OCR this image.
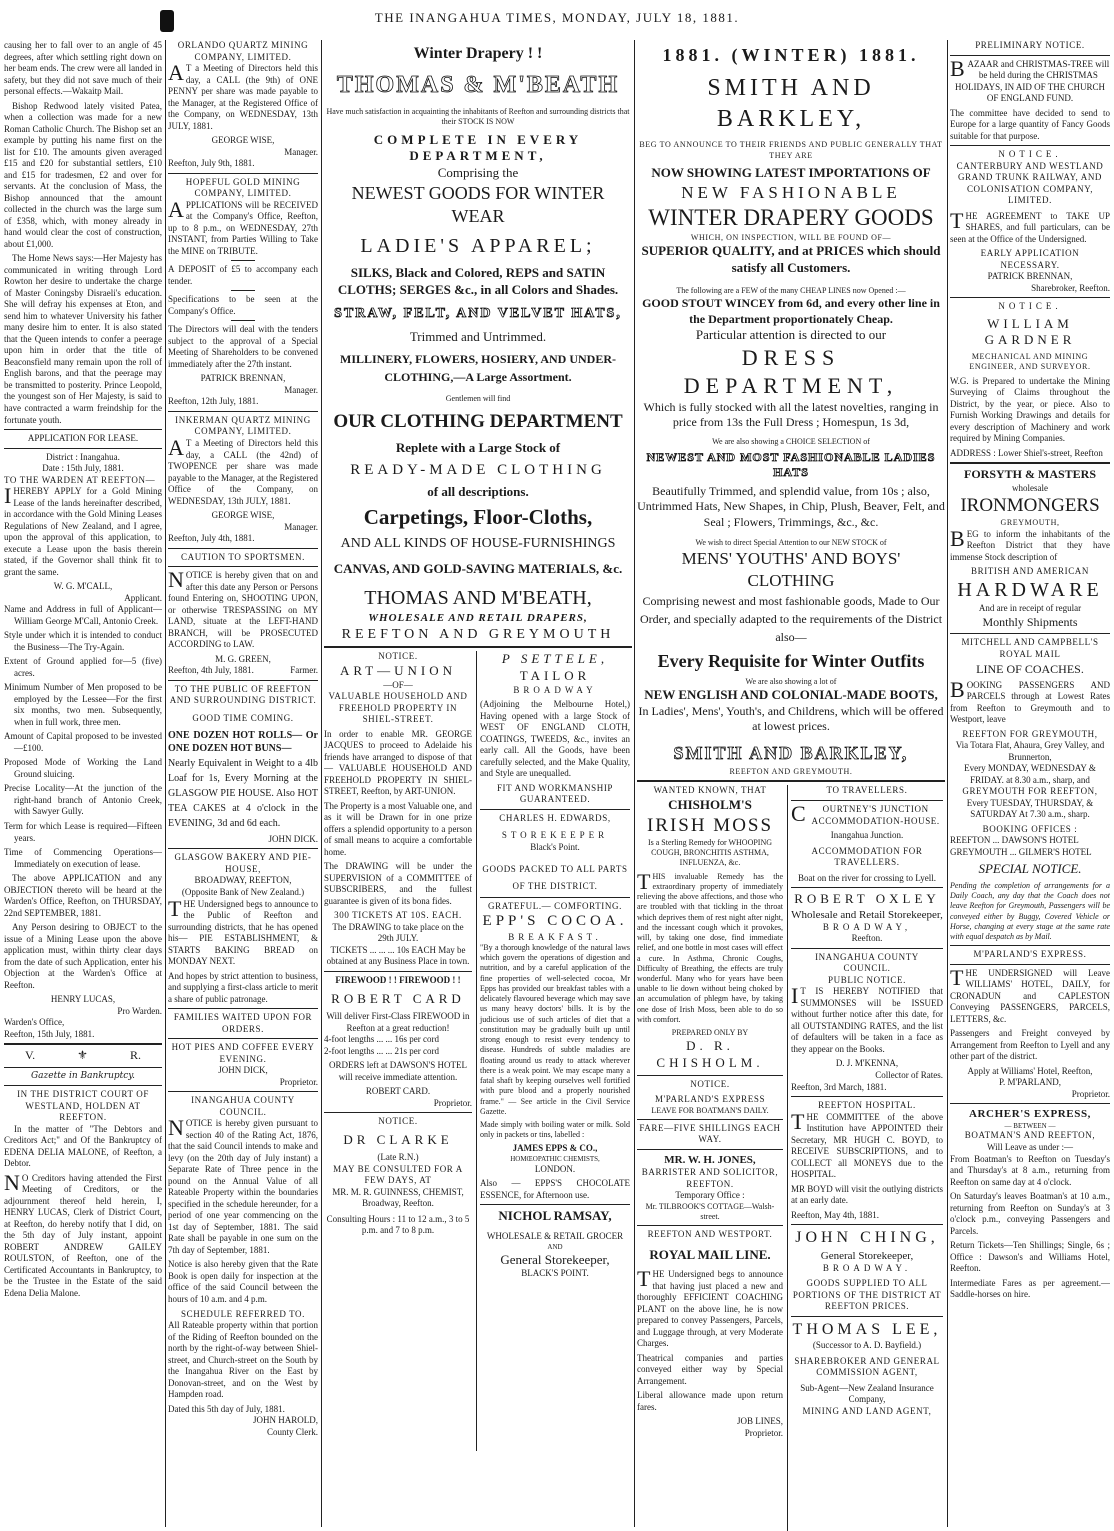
THE INANGAHUA TIMES, MONDAY, JULY 18, 1881.

causing her to fall over to an angle of 45 degrees, after which settling right down on her beam ends. The crew were all landed in safety, but they did not save much of their personal effects.—Wakaitp Mail.

Bishop Redwood lately visited Patea, when a collection was made for a new Roman Catholic Church. The Bishop set an example by putting his name first on the list for £10. The amounts given averaged £15 and £20 for substantial settlers, £10 and £15 for tradesmen, £2 and over for servants. At the conclusion of Mass, the Bishop announced that the amount collected in the church was the large sum of £358, which, with money already in hand would clear the cost of construction, about £1,000.

The Home News says:—Her Majesty has communicated in writing through Lord Rowton her desire to undertake the charge of Master Coningsby Disraeli's education. She will defray his expenses at Eton, and send him to whatever University his father many desire him to enter. It is also stated that the Queen intends to confer a peerage upon him in order that the title of Beaconsfield many remain upon the roll of English barons, and that the peerage may be transmitted to posterity. Prince Leopold, the youngest son of Her Majesty, is said to have contracted a warm freindship for the fortunate youth.

APPLICATION FOR LEASE.
District : Inangahua.
Date : 15th July, 1881.
TO THE WARDEN AT REEFTON—

IHEREBY APPLY for a Gold Mining Lease of the lands hereinafter described, in accordance with the Gold Mining Leases Regulations of New Zealand, and I agree, upon the approval of this application, to execute a Lease upon the basis therein stated, if the Governor shall think fit to grant the same.

W. G. M'CALL,
Applicant.

Name and Address in full of Applicant—William George M'Call, Antonio Creek.

Style under which it is intended to conduct the Business—The Try-Again.

Extent of Ground applied for—5 (five) acres.

Minimum Number of Men proposed to be employed by the Lessee—For the first six months, two men. Subsequently, when in full work, three men.

Amount of Capital proposed to be invested—£100.

Proposed Mode of Working the Land Ground sluicing.

Precise Locality—At the junction of the right-hand branch of Antonio Creek, with Sawyer Gully.

Term for which Lease is required—Fifteen years.

Time of Commencing Operations—Immediately on execution of lease.

The above APPLICATION and any OBJECTION thereto will be heard at the Warden's Office, Reefton, on THURSDAY, 22nd SEPTEMBER, 1881.

Any Person desiring to OBJECT to the issue of a Mining Lease upon the above application must, within thirty clear days from the date of such Application, enter his Objection at the Warden's Office at Reefton.

HENRY LUCAS,
Pro Warden.
Warden's Office,
Reefton, 15th July, 1881.
V.	⚜	R.
Gazette in Bankruptcy.
IN THE DISTRICT COURT OF WESTLAND, HOLDEN AT REEFTON.

In the matter of "The Debtors and Creditors Act;" and Of the Bankruptcy of EDENA DELIA MALONE, of Reefton, a Debtor.

NO Creditors having attended the First Meeting of Creditors, or the adjournment thereof held herein, I, HENRY LUCAS, Clerk of District Court, at Reefton, do hereby notify that I did, on the 5th day of July instant, appoint ROBERT ANDREW GAILEY ROULSTON, of Reefton, one of the Certificated Accountants in Bankruptcy, to be the Trustee in the Estate of the said Edena Delia Malone.

ORLANDO QUARTZ MINING COMPANY, LIMITED.

AT a Meeting of Directors held this day, a CALL (the 9th) of ONE PENNY per share was made payable to the Manager, at the Registered Office of the Company, on WEDNESDAY, 13th JULY, 1881.

GEORGE WISE,
Manager.
Reefton, July 9th, 1881.
HOPEFUL GOLD MINING COMPANY, LIMITED.

APPLICATIONS will be RECEIVED at the Company's Office, Reefton, up to 8 p.m., on WEDNESDAY, 27th INSTANT, from Parties Willing to Take the MINE on TRIBUTE.

A DEPOSIT of £5 to accompany each tender.

Specifications to be seen at the Company's Office.

The Directors will deal with the tenders subject to the approval of a Special Meeting of Shareholders to be convened immediately after the 27th instant.

PATRICK BRENNAN,
Manager.
Reefton, 12th July, 1881.
INKERMAN QUARTZ MINING COMPANY, LIMITED.

AT a Meeting of Directors held this day, a CALL (the 42nd) of TWOPENCE per share was made payable to the Manager, at the Registered Office of the Company, on WEDNESDAY, 13th JULY, 1881.

GEORGE WISE,
Manager.
Reefton, July 4th, 1881.
CAUTION TO SPORTSMEN.

NOTICE is hereby given that on and after this date any Person or Persons found Entering on, SHOOTING UPON, or otherwise TRESPASSING on MY LAND, situate at the LEFT-HAND BRANCH, will be PROSECUTED ACCORDING to LAW.

M. G. GREEN,
Reefton, 4th July, 1881.	Farmer.
TO THE PUBLIC OF REEFTON AND SURROUNDING DISTRICT.
GOOD TIME COMING.
ONE DOZEN HOT ROLLS— Or ONE DOZEN HOT BUNS—

Nearly Equivalent in Weight to a 4lb Loaf for 1s, Every Morning at the GLASGOW PIE HOUSE. Also HOT TEA CAKES at 4 o'clock in the EVENING, 3d and 6d each.

JOHN DICK.
GLASGOW BAKERY AND PIE-HOUSE,
BROADWAY, REEFTON,
(Opposite Bank of New Zealand.)

THE Undersigned begs to announce to the Public of Reefton and surrounding districts, that he has opened his— PIE ESTABLISHMENT, & STARTS BAKING BREAD on MONDAY NEXT.

And hopes by strict attention to business, and supplying a first-class article to merit a share of public patronage.

FAMILIES WAITED UPON FOR ORDERS.
HOT PIES AND COFFEE EVERY EVENING.
JOHN DICK,
Proprietor.
INANGAHUA COUNTY COUNCIL.

NOTICE is hereby given pursuant to section 40 of the Rating Act, 1876, that the said Council intends to make and levy (on the 20th day of July instant) a Separate Rate of Three pence in the pound on the Annual Value of all Rateable Property within the boundaries specified in the schedule hereunder, for a period of one year commencing on the 1st day of September, 1881. The said Rate shall be payable in one sum on the 7th day of September, 1881.

Notice is also hereby given that the Rate Book is open daily for inspection at the office of the said Council between the hours of 10 a.m. and 4 p.m.

SCHEDULE REFERRED TO.

All Rateable property within that portion of the Riding of Reefton bounded on the north by the right-of-way between Shiel-street, and Church-street on the South by the Inangahua River on the East by Donovan-street, and on the West by Hampden road.

Dated this 5th day of July, 1881.
JOHN HAROLD,
County Clerk.
Winter Drapery ! !
THOMAS & M'BEATH
Have much satisfaction in acquainting the inhabitants of Reefton and surrounding districts that their STOCK IS NOW
COMPLETE IN EVERY DEPARTMENT,
Comprising the
NEWEST GOODS FOR WINTER WEAR
LADIE'S APPAREL;
SILKS, Black and Colored, REPS and SATIN CLOTHS; SERGES &c., in all Colors and Shades.
STRAW, FELT, AND VELVET HATS,
Trimmed and Untrimmed.
MILLINERY, FLOWERS, HOSIERY, AND UNDER-CLOTHING,—A Large Assortment.
Gentlemen will find
OUR CLOTHING DEPARTMENT
Replete with a Large Stock of
READY-MADE CLOTHING
of all descriptions.
Carpetings, Floor-Cloths,
AND ALL KINDS OF HOUSE-FURNISHINGS
CANVAS, AND GOLD-SAVING MATERIALS, &c.
THOMAS AND M'BEATH,
WHOLESALE AND RETAIL DRAPERS,
REEFTON AND GREYMOUTH
NOTICE.
ART—UNION
—OF—
VALUABLE HOUSEHOLD AND FREEHOLD PROPERTY IN SHIEL-STREET.

In order to enable MR. GEORGE JACQUES to proceed to Adelaide his friends have arranged to dispose of that— VALUABLE HOUSEHOLD AND FREEHOLD PROPERTY IN SHIEL-STREET, Reefton, by ART-UNION.

The Property is a most Valuable one, and as it will be Drawn for in one prize offers a splendid opportunity to a person of small means to acquire a comfortable home.

The DRAWING will be under the SUPERVISION of a COMMITTEE of SUBSCRIBERS, and the fullest guarantee is given of its bona fides.

300 TICKETS AT 10S. EACH.
The DRAWING to take place on the 29th JULY.
TICKETS ... ... ... 10s EACH May be obtained at any Business Place in town.
FIREWOOD ! ! FIREWOOD ! !
ROBERT CARD
Will deliver First-Class FIREWOOD in Reefton at a great reduction!
4-foot lengths ... ... 16s per cord
2-foot lengths ... ... 21s per cord

ORDERS left at DAWSON'S HOTEL will receive immediate attention.

ROBERT CARD.
Proprietor.
NOTICE.
DR CLARKE
(Late R.N.)
MAY BE CONSULTED FOR A FEW DAYS, AT
MR. M. R. GUINNESS, CHEMIST,
Broadway, Reefton.
Consulting Hours : 11 to 12 a.m., 3 to 5 p.m. and 7 to 8 p.m.
P SETTELE,
TAILOR
BROADWAY

(Adjoining the Melbourne Hotel,) Having opened with a large Stock of WEST OF ENGLAND CLOTH, COATINGS, TWEEDS, &c., invites an early call. All the Goods, have been carefully selected, and the Make Quality, and Style are unequalled.

FIT AND WORKMANSHIP GUARANTEED.
CHARLES H. EDWARDS,
STOREKEEPER
Black's Point.
GOODS PACKED TO ALL PARTS OF THE DISTRICT.
GRATEFUL.— COMFORTING.
EPP'S COCOA.
BREAKFAST.

"By a thorough knowledge of the natural laws which govern the operations of digestion and nutrition, and by a careful application of the fine properties of well-selected cocoa, Mr Epps has provided our breakfast tables with a delicately flavoured beverage which may save us many heavy doctors' bills. It is by the judicious use of such articles of diet that a constitution may be gradually built up until strong enough to resist every tendency to disease. Hundreds of subtle maladies are floating around us ready to attack wherever there is a weak point. We may escape many a fatal shaft by keeping ourselves well fortified with pure blood and a properly nourished frame." — See article in the Civil Service Gazette.

Made simply with boiling water or milk. Sold only in packets or tins, labelled :

JAMES EPPS & CO.,
HOMŒOPATHIC CHEMISTS,
LONDON.

Also — EPPS'S CHOCOLATE ESSENCE, for Afternoon use.

NICHOL RAMSAY,
WHOLESALE & RETAIL GROCER
AND
General Storekeeper,
BLACK'S POINT.
1881. (WINTER) 1881.
SMITH AND BARKLEY,
BEG TO ANNOUNCE TO THEIR FRIENDS AND PUBLIC GENERALLY THAT THEY ARE
NOW SHOWING LATEST IMPORTATIONS OF
NEW FASHIONABLE
WINTER DRAPERY GOODS
WHICH, ON INSPECTION, WILL BE FOUND OF—
SUPERIOR QUALITY, and at PRICES which should satisfy all Customers.
The following are a FEW of the many CHEAP LINES now Opened :—
GOOD STOUT WINCEY from 6d, and every other line in the Department proportionately Cheap.
Particular attention is directed to our
DRESS DEPARTMENT,
Which is fully stocked with all the latest novelties, ranging in price from 13s the Full Dress ; Homespun, 1s 3d,
We are also showing a CHOICE SELECTION of
NEWEST AND MOST FASHIONABLE LADIES HATS
Beautifully Trimmed, and splendid value, from 10s ; also, Untrimmed Hats, New Shapes, in Chip, Plush, Beaver, Felt, and Seal ; Flowers, Trimmings, &c., &c.
We wish to direct Special Attention to our NEW STOCK of
MENS' YOUTHS' AND BOYS' CLOTHING
Comprising newest and most fashionable goods, Made to Our Order, and specially adapted to the requirements of the District also—
Every Requisite for Winter Outfits
We are also showing a lot of
NEW ENGLISH AND COLONIAL-MADE BOOTS,
In Ladies', Mens', Youth's, and Childrens, which will be offered at lowest prices.
SMITH AND BARKLEY,
REEFTON AND GREYMOUTH.
WANTED KNOWN, THAT
CHISHOLM'S
IRISH MOSS
Is a Sterling Remedy for WHOOPING COUGH, BRONCHITIS ASTHMA, INFLUENZA, &c.

THIS invaluable Remedy has the extraordinary property of immediately relieving the above affections, and those who are troubled with that tickling in the throat which deprives them of rest night after night, and the incessant cough which it provokes, will, by taking one dose, find immediate relief, and one bottle in most cases will effect a cure. In Asthma, Chronic Coughs, Difficulty of Breathing, the effects are truly wonderful. Many who for years have been unable to lie down without being choked by an accumulation of phlegm have, by taking one dose of Irish Moss, been able to do so with comfort.

PREPARED ONLY BY
D. R. CHISHOLM.
NOTICE.
M'PARLAND'S EXPRESS
LEAVE FOR BOATMAN'S DAILY.
FARE—FIVE SHILLINGS EACH WAY.
MR. W. H. JONES,
BARRISTER AND SOLICITOR, REEFTON.
Temporary Office :
Mr. TILBROOK'S COTTAGE—Walsh-street.
REEFTON AND WESTPORT.
ROYAL MAIL LINE.

THE Undersigned begs to announce that having just placed a new and thoroughly EFFICIENT COACHING PLANT on the above line, he is now prepared to convey Passengers, Parcels, and Luggage through, at very Moderate Charges.

Theatrical companies and parties conveyed either way by Special Arrangement.

Liberal allowance made upon return fares.

JOB LINES,
Proprietor.
TO TRAVELLERS.

COURTNEY'S JUNCTION ACCOMMODATION-HOUSE.

Inangahua Junction.
ACCOMMODATION FOR TRAVELLERS.
Boat on the river for crossing to Lyell.
ROBERT OXLEY
Wholesale and Retail Storekeeper,
BROADWAY,
Reefton.
INANGAHUA COUNTY COUNCIL.
PUBLIC NOTICE.

IT IS HEREBY NOTIFIED that SUMMONSES will be ISSUED without further notice after this date, for all OUTSTANDING RATES, and the list of defaulters will be taken in a face as they appear on the Books.

D. J. M'KENNA,
Collector of Rates.
Reefton, 3rd March, 1881.
REEFTON HOSPITAL.

THE COMMITTEE of the above Institution have APPOINTED their Secretary, MR HUGH C. BOYD, to RECEIVE SUBSCRIPTIONS, and to COLLECT all MONEYS due to the HOSPITAL.

MR BOYD will visit the outlying districts at an early date.

Reefton, May 4th, 1881.
JOHN CHING,
General Storekeeper,
BROADWAY.
GOODS SUPPLIED TO ALL PORTIONS OF THE DISTRICT AT REEFTON PRICES.
THOMAS LEE,
(Successor to A. D. Bayfield.)
SHAREBROKER AND GENERAL COMMISSION AGENT,
Sub-Agent—New Zealand Insurance Company,
MINING AND LAND AGENT,
PRELIMINARY NOTICE.

BAZAAR and CHRISTMAS-TREE will be held during the CHRISTMAS HOLIDAYS, IN AID OF THE CHURCH OF ENGLAND FUND.

The committee have decided to send to Europe for a large quantity of Fancy Goods suitable for that purpose.

NOTICE.
CANTERBURY AND WESTLAND GRAND TRUNK RAILWAY, AND COLONISATION COMPANY, LIMITED.

THE AGREEMENT to TAKE UP SHARES, and full particulars, can be seen at the Office of the Undersigned.

EARLY APPLICATION NECESSARY.
PATRICK BRENNAN,
Sharebroker, Reefton.
NOTICE.
WILLIAM GARDNER
MECHANICAL AND MINING ENGINEER, AND SURVEYOR.

W.G. is Prepared to undertake the Mining Surveying of Claims throughout the District, by the year, or piece. Also to Furnish Working Drawings and details for every description of Machinery and work required by Mining Companies.

ADDRESS : Lower Shiel's-street, Reefton
FORSYTH & MASTERS
wholesale
IRONMONGERS
GREYMOUTH,

BEG to inform the inhabitants of the Reefton District that they have immense Stock description of

BRITISH AND AMERICAN
HARDWARE
And are in receipt of regular
Monthly Shipments
MITCHELL AND CAMPBELL'S
ROYAL MAIL
LINE OF COACHES.

BOOKING PASSENGERS AND PARCELS through at Lowest Rates from Reefton to Greymouth and to Westport, leave

REEFTON FOR GREYMOUTH,
Via Totara Flat, Ahaura, Grey Valley, and Brunnerton,
Every MONDAY, WEDNESDAY & FRIDAY. at 8.30 a.m., sharp, and
GREYMOUTH FOR REEFTON,
Every TUESDAY, THURSDAY, & SATURDAY At 7.30 a.m., sharp.
BOOKING OFFICES :
REEFTON ... DAWSON'S HOTEL
GREYMOUTH ... GILMER'S HOTEL
SPECIAL NOTICE.

Pending the completion of arrangements for a Daily Coach, any day that the Coach does not leave Reefton for Greymouth, Passengers will be conveyed either by Buggy, Covered Vehicle or Horse, changing at every stage at the same rate with equal despatch as by Mail.

M'PARLAND'S EXPRESS.

THE UNDERSIGNED will Leave WILLIAMS' HOTEL, DAILY, for CRONADUN and CAPLESTON Conveying PASSENGERS, PARCELS, LETTERS, &c.

Passengers and Freight conveyed by Arrangement from Reefton to Lyell and any other part of the district.

Apply at Williams' Hotel, Reefton,
P. M'PARLAND,
Proprietor.
ARCHER'S EXPRESS,
— BETWEEN —
BOATMAN'S AND REEFTON,
Will Leave as under :—

From Boatman's to Reefton on Tuesday's and Thursday's at 8 a.m., returning from Reefton on same day at 4 o'clock.

On Saturday's leaves Boatman's at 10 a.m., returning from Reefton on Sunday's at 3 o'clock p.m., conveying Passengers and Parcels.

Return Tickets—Ten Shillings; Single, 6s ; Office : Dawson's and Williams Hotel, Reefton.

Intermediate Fares as per agreement.—Saddle-horses on hire.
